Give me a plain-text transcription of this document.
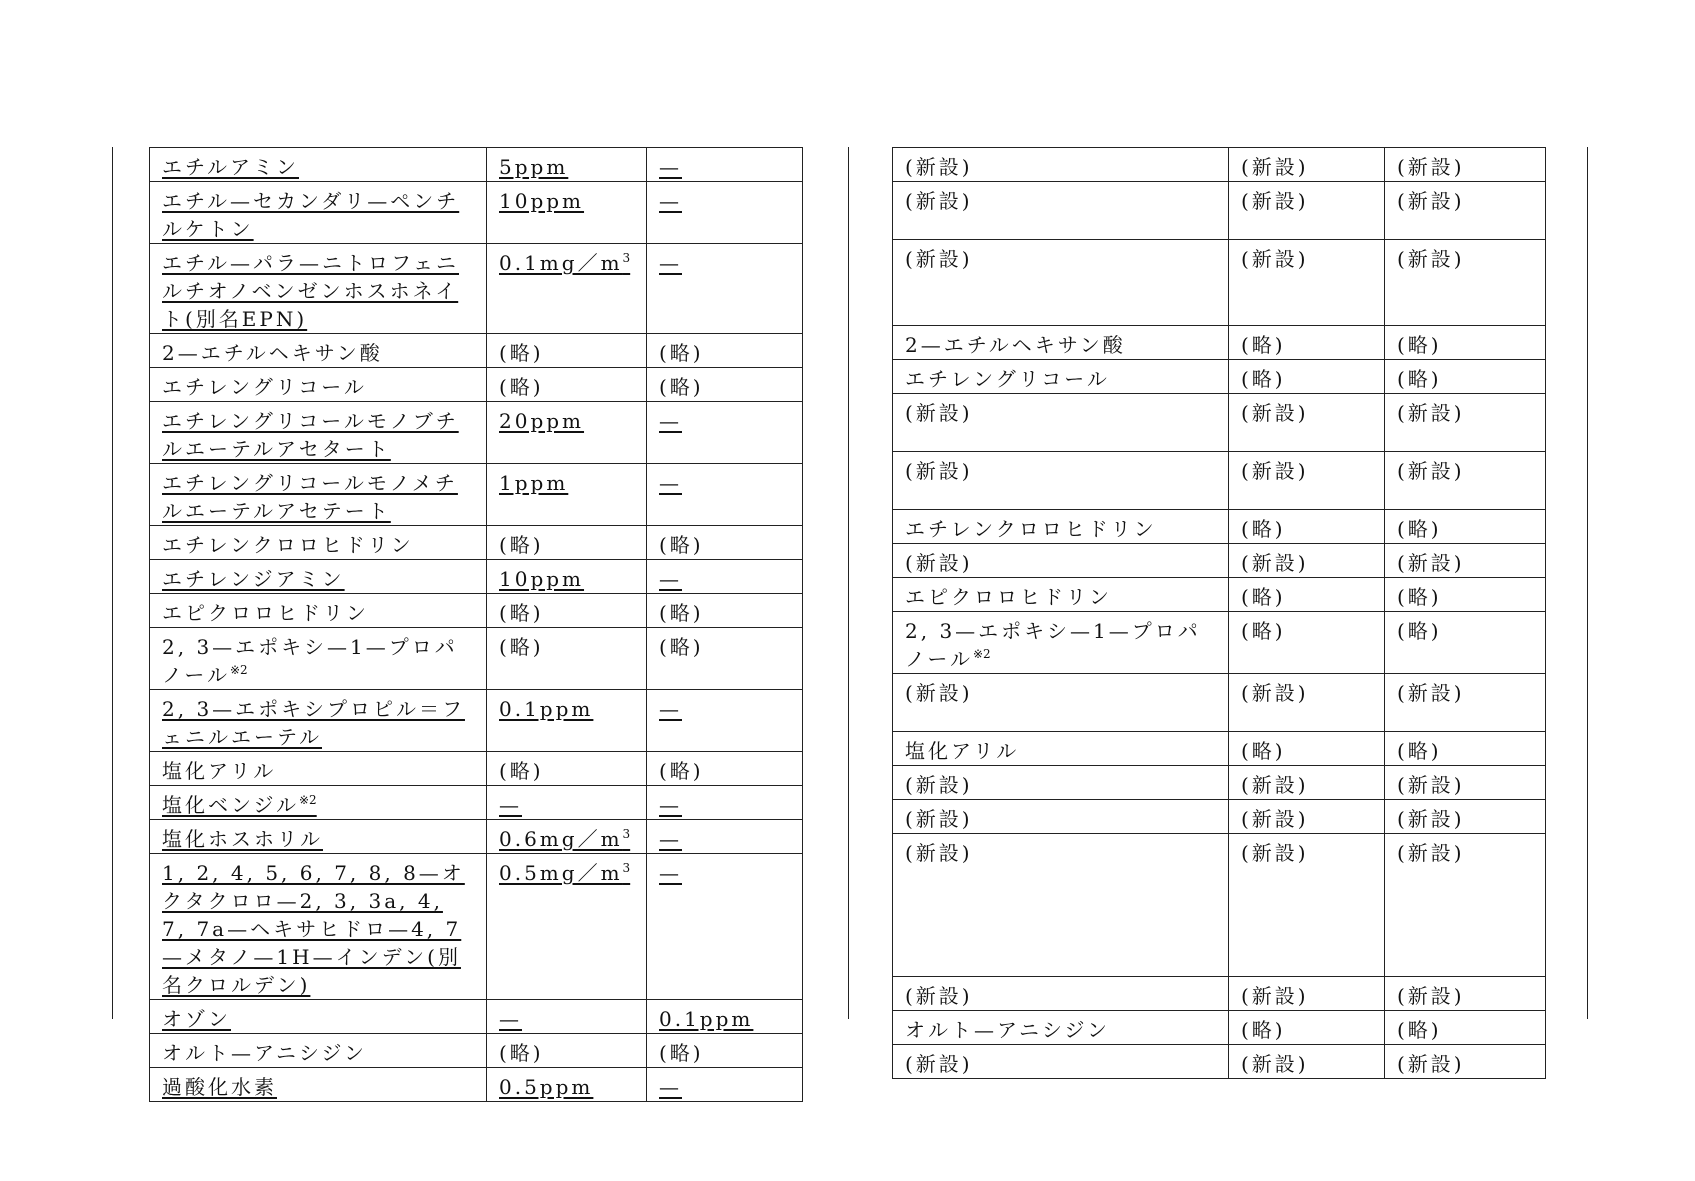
エチルアミン	5ppm	—
エチル—セカンダリ—ペンチルケトン	10ppm	—
エチル—パラ—ニトロフェニルチオノベンゼンホスホネイト(別名EPN)	$0.1mg/m^3$	—
2—エチルヘキサン酸	(略)	(略)
エチレングリコール	(略)	(略)
エチレングリコールモノブチルエーテルアセタート	20ppm	—
エチレングリコールモノメチルエーテルアセテート	1ppm	—
エチレンクロロヒドリン	(略)	(略)
エチレンジアミン	10ppm	—
エピクロロヒドリン	(略)	(略)
2, 3—エポキシ—1—プロパノール$^{※2}$	(略)	(略)
2, 3—エポキシプロピル＝フェニルエーテル	0.1ppm	—
塩化アリル	(略)	(略)
塩化ベンジル$^{※2}$	—	—
塩化ホスホリル	$0.6mg/m^3$	—
1, 2, 4, 5, 6, 7, 8, 8—オクタクロロ—2, 3, 3a, 4, 7, 7a—ヘキサヒドロ—4, 7—メタノ—1H—インデン(別名クロルデン)	$0.5mg/m^3$	—
オゾン	—	0.1ppm
オルト—アニシジン	(略)	(略)
過酸化水素	0.5ppm	—
(新設)	(新設)	(新設)
(新設)	(新設)	(新設)
(新設)	(新設)	(新設)
2—エチルヘキサン酸	(略)	(略)
エチレングリコール	(略)	(略)
(新設)	(新設)	(新設)
(新設)	(新設)	(新設)
エチレンクロロヒドリン	(略)	(略)
(新設)	(新設)	(新設)
エピクロロヒドリン	(略)	(略)
2, 3—エポキシ—1—プロパノール$^{※2}$	(略)	(略)
(新設)	(新設)	(新設)
塩化アリル	(略)	(略)
(新設)	(新設)	(新設)
(新設)	(新設)	(新設)
(新設)	(新設)	(新設)
(新設)	(新設)	(新設)
オルト—アニシジン	(略)	(略)
(新設)	(新設)	(新設)
